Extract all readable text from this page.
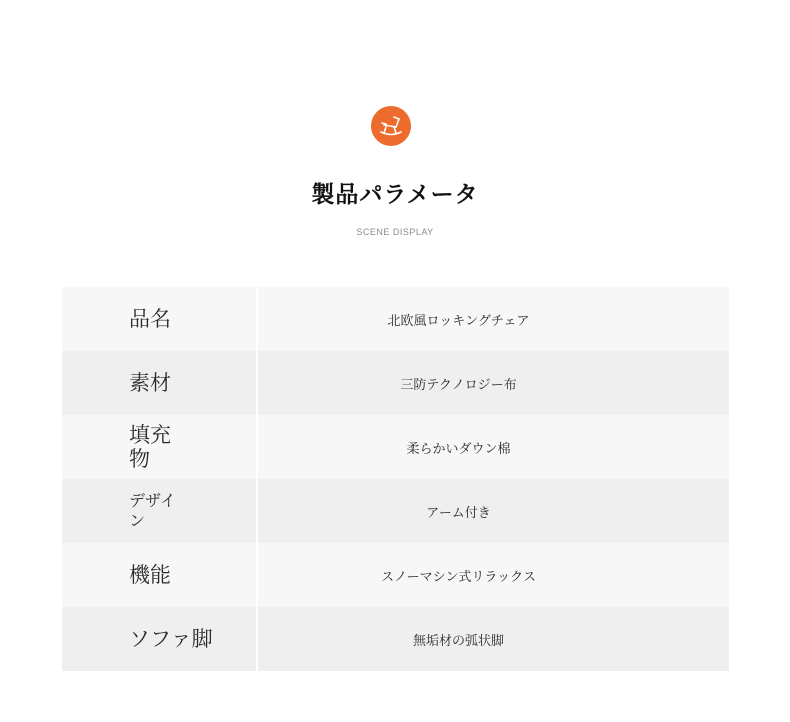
製品パラメータ
SCENE DISPLAY
品名	北欧風ロッキングチェア
素材	三防テクノロジー布
填充物	柔らかいダウン棉
デザイン	アーム付き
機能	スノーマシン式リラックス
ソファ脚	無垢材の弧状脚
